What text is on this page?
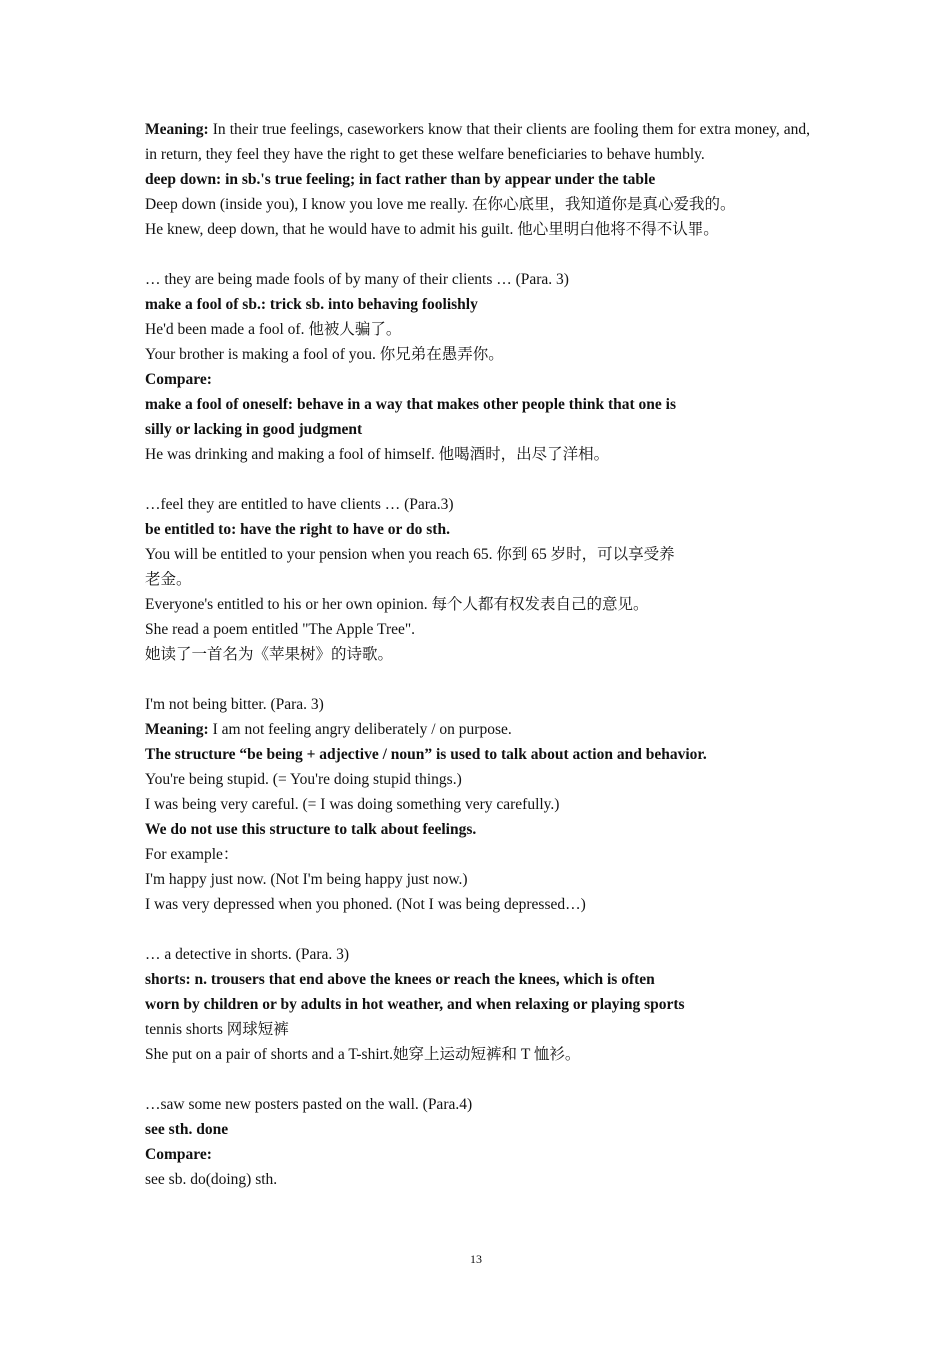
Meaning: In their true feelings, caseworkers know that their clients are fooling them for extra money, and, in return, they feel they have the right to get these welfare beneficiaries to behave humbly.
deep down: in sb.'s true feeling; in fact rather than by appear under the table
Deep down (inside you), I know you love me really. 在你心底里，我知道你是真心爱我的。
He knew, deep down, that he would have to admit his guilt. 他心里明白他将不得不认罪。
… they are being made fools of by many of their clients … (Para. 3)
make a fool of sb.: trick sb. into behaving foolishly
He'd been made a fool of. 他被人骗了。
Your brother is making a fool of you. 你兄弟在愚弄你。
Compare:
make a fool of oneself: behave in a way that makes other people think that one is
silly or lacking in good judgment
He was drinking and making a fool of himself. 他喝酒时，出尽了洋相。
…feel they are entitled to have clients … (Para.3)
be entitled to: have the right to have or do sth.
You will be entitled to your pension when you reach 65. 你到 65 岁时，可以享受养
老金。
Everyone's entitled to his or her own opinion. 每个人都有权发表自己的意见。
She read a poem entitled "The Apple Tree".
她读了一首名为《苹果树》的诗歌。
I'm not being bitter. (Para. 3)
Meaning: I am not feeling angry deliberately / on purpose.
The structure “be being + adjective / noun” is used to talk about action and behavior.
You're being stupid. (= You're doing stupid things.)
I was being very careful. (= I was doing something very carefully.)
We do not use this structure to talk about feelings.
For example：
I'm happy just now. (Not I'm being happy just now.)
I was very depressed when you phoned. (Not I was being depressed…)
… a detective in shorts. (Para. 3)
shorts: n. trousers that end above the knees or reach the knees, which is often
worn by children or by adults in hot weather, and when relaxing or playing sports
tennis shorts 网球短裤
She put on a pair of shorts and a T-shirt.她穿上运动短裤和 T 恤衫。
…saw some new posters pasted on the wall. (Para.4)
see sth. done
Compare:
see sb. do(doing) sth.
13
